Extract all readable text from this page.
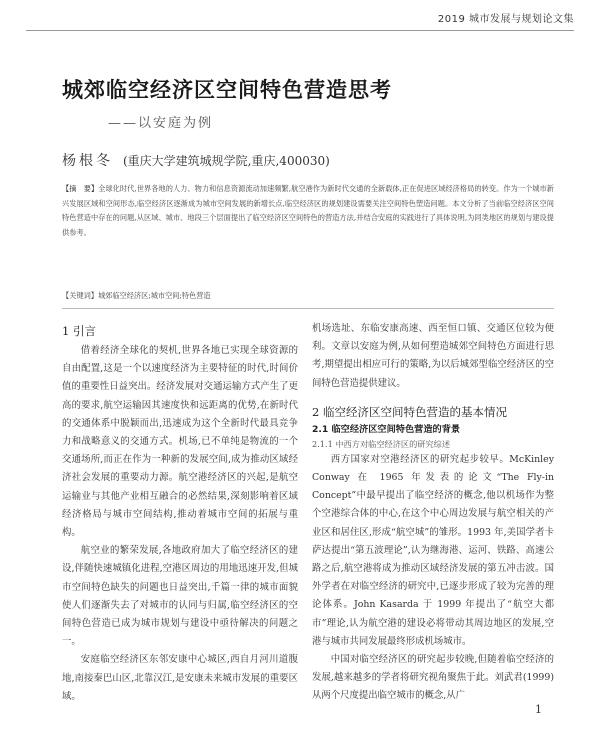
2019 城市发展与规划论文集
城郊临空经济区空间特色营造思考
——以安庭为例
杨根冬 (重庆大学建筑城规学院,重庆,400030)

【摘　要】全球化时代,世界各地的人力、物力和信息资源流动加速频繁,航空港作为新时代交通的全新载体,正在促进区域经济格局的转变。作为一个城市新兴发展区域和空间形态,临空经济区逐渐成为城市空间发展的新增长点,临空经济区的规划建设需要关注空间特色塑造问题。本文分析了当前临空经济区空间特色营造中存在的问题,从区域、城市、地段三个层面提出了临空经济区空间特色的营造方法,并结合安庭的实践进行了具体说明,为同类地区的规划与建设提供参考。

【关键词】城郊临空经济区;城市空间;特色营造

1 引言

借着经济全球化的契机,世界各地已实现全球资源的自由配置,这是一个以速度经济为主要特征的时代,时间价值的重要性日益突出。经济发展对交通运输方式产生了更高的要求,航空运输因其速度快和远距离的优势,在新时代的交通体系中脱颖而出,迅速成为这个全新时代最具竞争力和战略意义的交通方式。机场,已不单纯是物流的一个交通场所,而正在作为一种新的发展空间,成为推动区域经济社会发展的重要动力源。航空港经济区的兴起,是航空运输业与其他产业相互融合的必然结果,深刻影响着区域经济格局与城市空间结构,推动着城市空间的拓展与重构。

航空业的繁荣发展,各地政府加大了临空经济区的建设,伴随快速城镇化进程,空港区周边的用地迅速开发,但城市空间特色缺失的问题也日益突出,千篇一律的城市面貌使人们逐渐失去了对城市的认同与归属,临空经济区的空间特色营造已成为城市规划与建设中亟待解决的问题之一。

安庭临空经济区东邻安康中心城区,西自月河川道腹地,南接秦巴山区,北靠汉江,是安康未来城市发展的重要区域。

机场选址、东临安康高速、西至恒口镇、交通区位较为便利。文章以安庭为例,从如何塑造城郊空间特色方面进行思考,期望提出相应可行的策略,为以后城郊型临空经济区的空间特色营造提供建议。

2 临空经济区空间特色营造的基本情况

2.1 临空经济区空间特色营造的背景

2.1.1 中西方对临空经济区的研究综述

西方国家对空港经济区的研究起步较早。McKinley Conway 在 1965 年发表的论文“The Fly-in Concept”中最早提出了临空经济的概念,他以机场作为整个空港综合体的中心,在这个中心周边发展与航空相关的产业区和居住区,形成“航空城”的雏形。1993 年,美国学者卡萨达提出“第五波理论”,认为继海港、运河、铁路、高速公路之后,航空港将成为推动区域经济发展的第五冲击波。国外学者在对临空经济的研究中,已逐步形成了较为完善的理论体系。John Kasarda 于 1999 年提出了“航空大都市”理论,认为航空港的建设必将带动其周边地区的发展,空港与城市共同发展最终形成机场城市。

中国对临空经济区的研究起步较晚,但随着临空经济的发展,越来越多的学者将研究视角聚焦于此。刘武君(1999)从两个尺度提出临空城市的概念,从广

1
